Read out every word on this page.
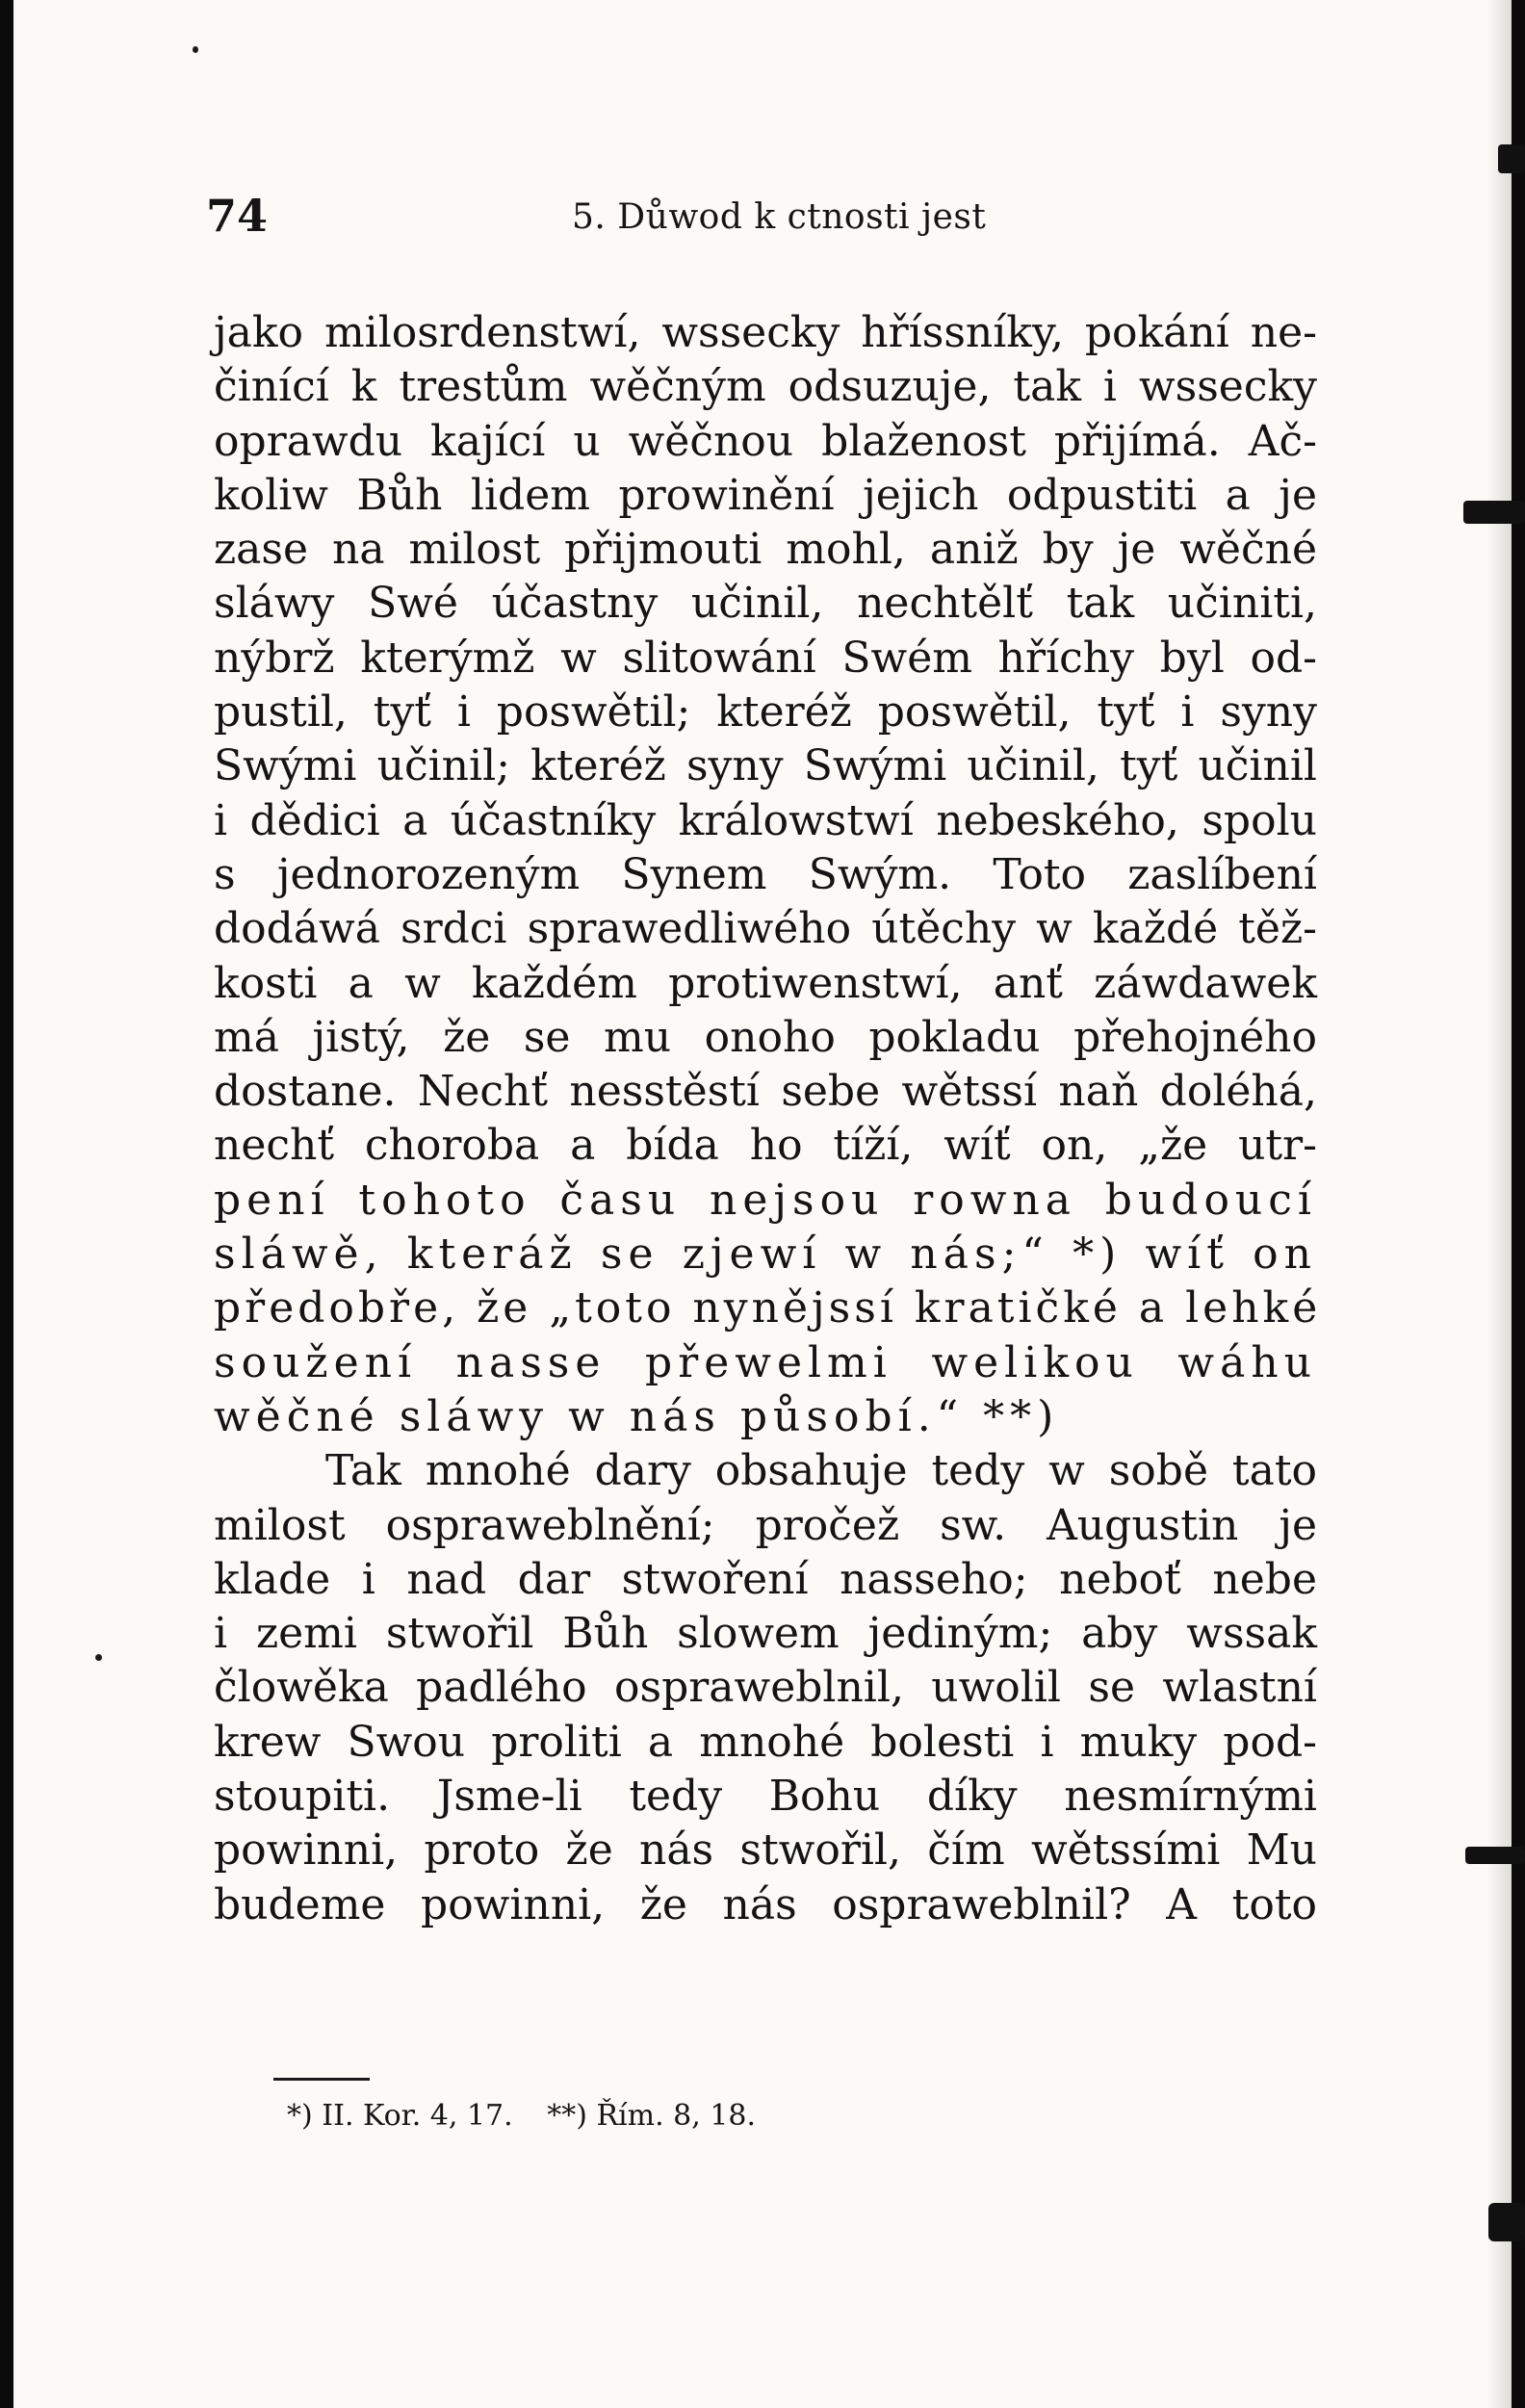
74	5. Důwod k ctnosti jest
jako milosrdenstwí, wssecky hříssníky, pokání ne-
činící k trestům wěčným odsuzuje, tak i wssecky
oprawdu kající u wěčnou blaženost přijímá. Ač-
koliw Bůh lidem prowinění jejich odpustiti a je
zase na milost přijmouti mohl, aniž by je wěčné
sláwy Swé účastny učinil, nechtělť tak učiniti,
nýbrž kterýmž w slitowání Swém hříchy byl od-
pustil, tyť i poswětil; kteréž poswětil, tyť i syny
Swými učinil; kteréž syny Swými učinil, tyť učinil
i dědici a účastníky králowstwí nebeského, spolu
s jednorozeným Synem Swým. Toto zaslíbení
dodáwá srdci sprawedliwého útěchy w každé těž-
kosti a w každém protiwenstwí, anť záwdawek
má jistý, že se mu onoho pokladu přehojného
dostane. Nechť nesstěstí sebe wětssí naň doléhá,
nechť choroba a bída ho tíží, wíť on, „že utr-
pení tohoto času nejsou rowna budoucí
sláwě, kteráž se zjewí w nás;“ *) wíť on
předobře, že „toto nynějssí kratičké a lehké
soužení nasse přewelmi welikou wáhu
wěčné sláwy w nás působí.“ **)
Tak mnohé dary obsahuje tedy w sobě tato
milost ospraweblnění; pročež sw. Augustin je
klade i nad dar stwoření nasseho; neboť nebe
i zemi stwořil Bůh slowem jediným; aby wssak
člowěka padlého ospraweblnil, uwolil se wlastní
krew Swou proliti a mnohé bolesti i muky pod-
stoupiti. Jsme-li tedy Bohu díky nesmírnými
powinni, proto že nás stwořil, čím wětssími Mu
budeme powinni, že nás ospraweblnil? A toto
*) II. Kor. 4, 17. **) Řím. 8, 18.
